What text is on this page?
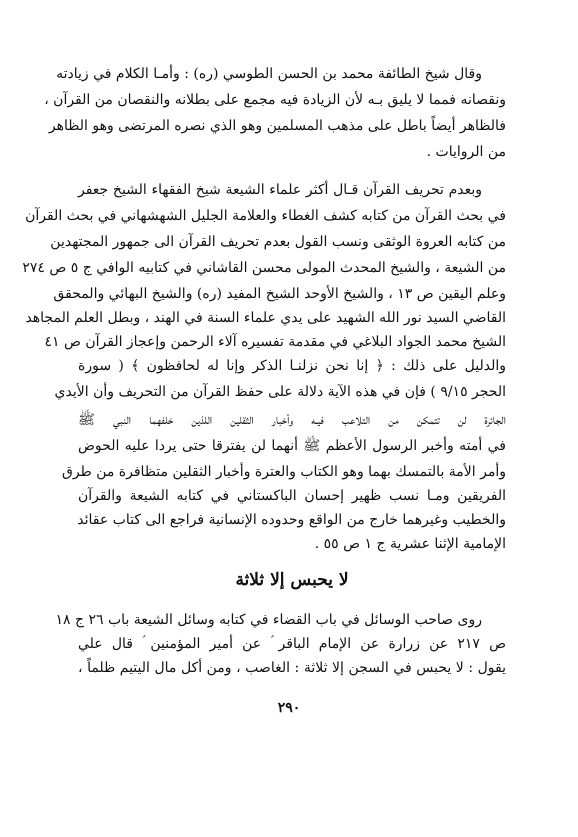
وقال شيخ الطائفة محمد بن الحسن الطوسي (ره) : وأمـا الكلام في زيادته
ونقصانه فمما لا يليق بـه لأن الزيادة فيه مجمع على بطلانه والنقصان من القرآن ،
فالظاهر أيضاً باطل على مذهب المسلمين وهو الذي نصره المرتضى وهو الظاهر
من الروايات .
وبعدم تحريف القرآن قـال أكثر علماء الشيعة شيخ الفقهاء الشيخ جعفر
في بحث القرآن من كتابه كشف الغطاء والعلامة الجليل الشهشهاني في بحث القرآن
من كتابه العروة الوثقى ونسب القول بعدم تحريف القرآن الى جمهور المجتهدين
من الشيعة ، والشيخ المحدث المولى محسن القاشاني في كتابيه الوافي ج ٥ ص ٢٧٤
وعلم اليقين ص ١٣ ، والشيخ الأوحد الشيخ المفيد (ره) والشيخ البهائي والمحقق
القاضي السيد نور الله الشهيد على يدي علماء السنة في الهند ، وبطل العلم المجاهد
الشيخ محمد الجواد البلاغي في مقدمة تفسيره آلاء الرحمن وإعجاز القرآن ص ٤١
والدليل على ذلك : ﴿ إنا نحن نزلنـا الذكر وإنا له لحافظون ﴾ ( سورة
الحجر ٩/١٥ ) فإن في هذه الآية دلالة على حفظ القرآن من التحريف وأن الأيدي
الجائرة لن تتمكن من التلاعب فيـه وأخبار الثقلين اللذين خلفهما النبي ﷺ
في أمته وأخبر الرسول الأعظم ﷺ أنهما لن يفترقا حتى يردا عليه الحوض
وأمر الأمة بالتمسك بهما وهو الكتاب والعترة وأخبار الثقلين متظافرة من طرق
الفريقين ومـا نسب ظهير إحسان الباكستاني في كتابه الشيعة والقرآن
والخطيب وغيرهما خارج من الواقع وحدوده الإنسانية فراجع الى كتاب عقائد
الإمامية الإثنا عشرية ج ١ ص ٥٥ .
لا يحبس إلا ثلاثة
روى صاحب الوسائل في باب القضاء في كتابه وسائل الشيعة باب ٢٦ ج ١٨
ص ٢١٧ عن زرارة عن الإمام الباقر ؑ عن أمير المؤمنين ؑ قال علي
يقول : لا يحبس في السجن إلا ثلاثة : الغاصب ، ومن أكل مال اليتيم ظلماً ،
٢٩٠
